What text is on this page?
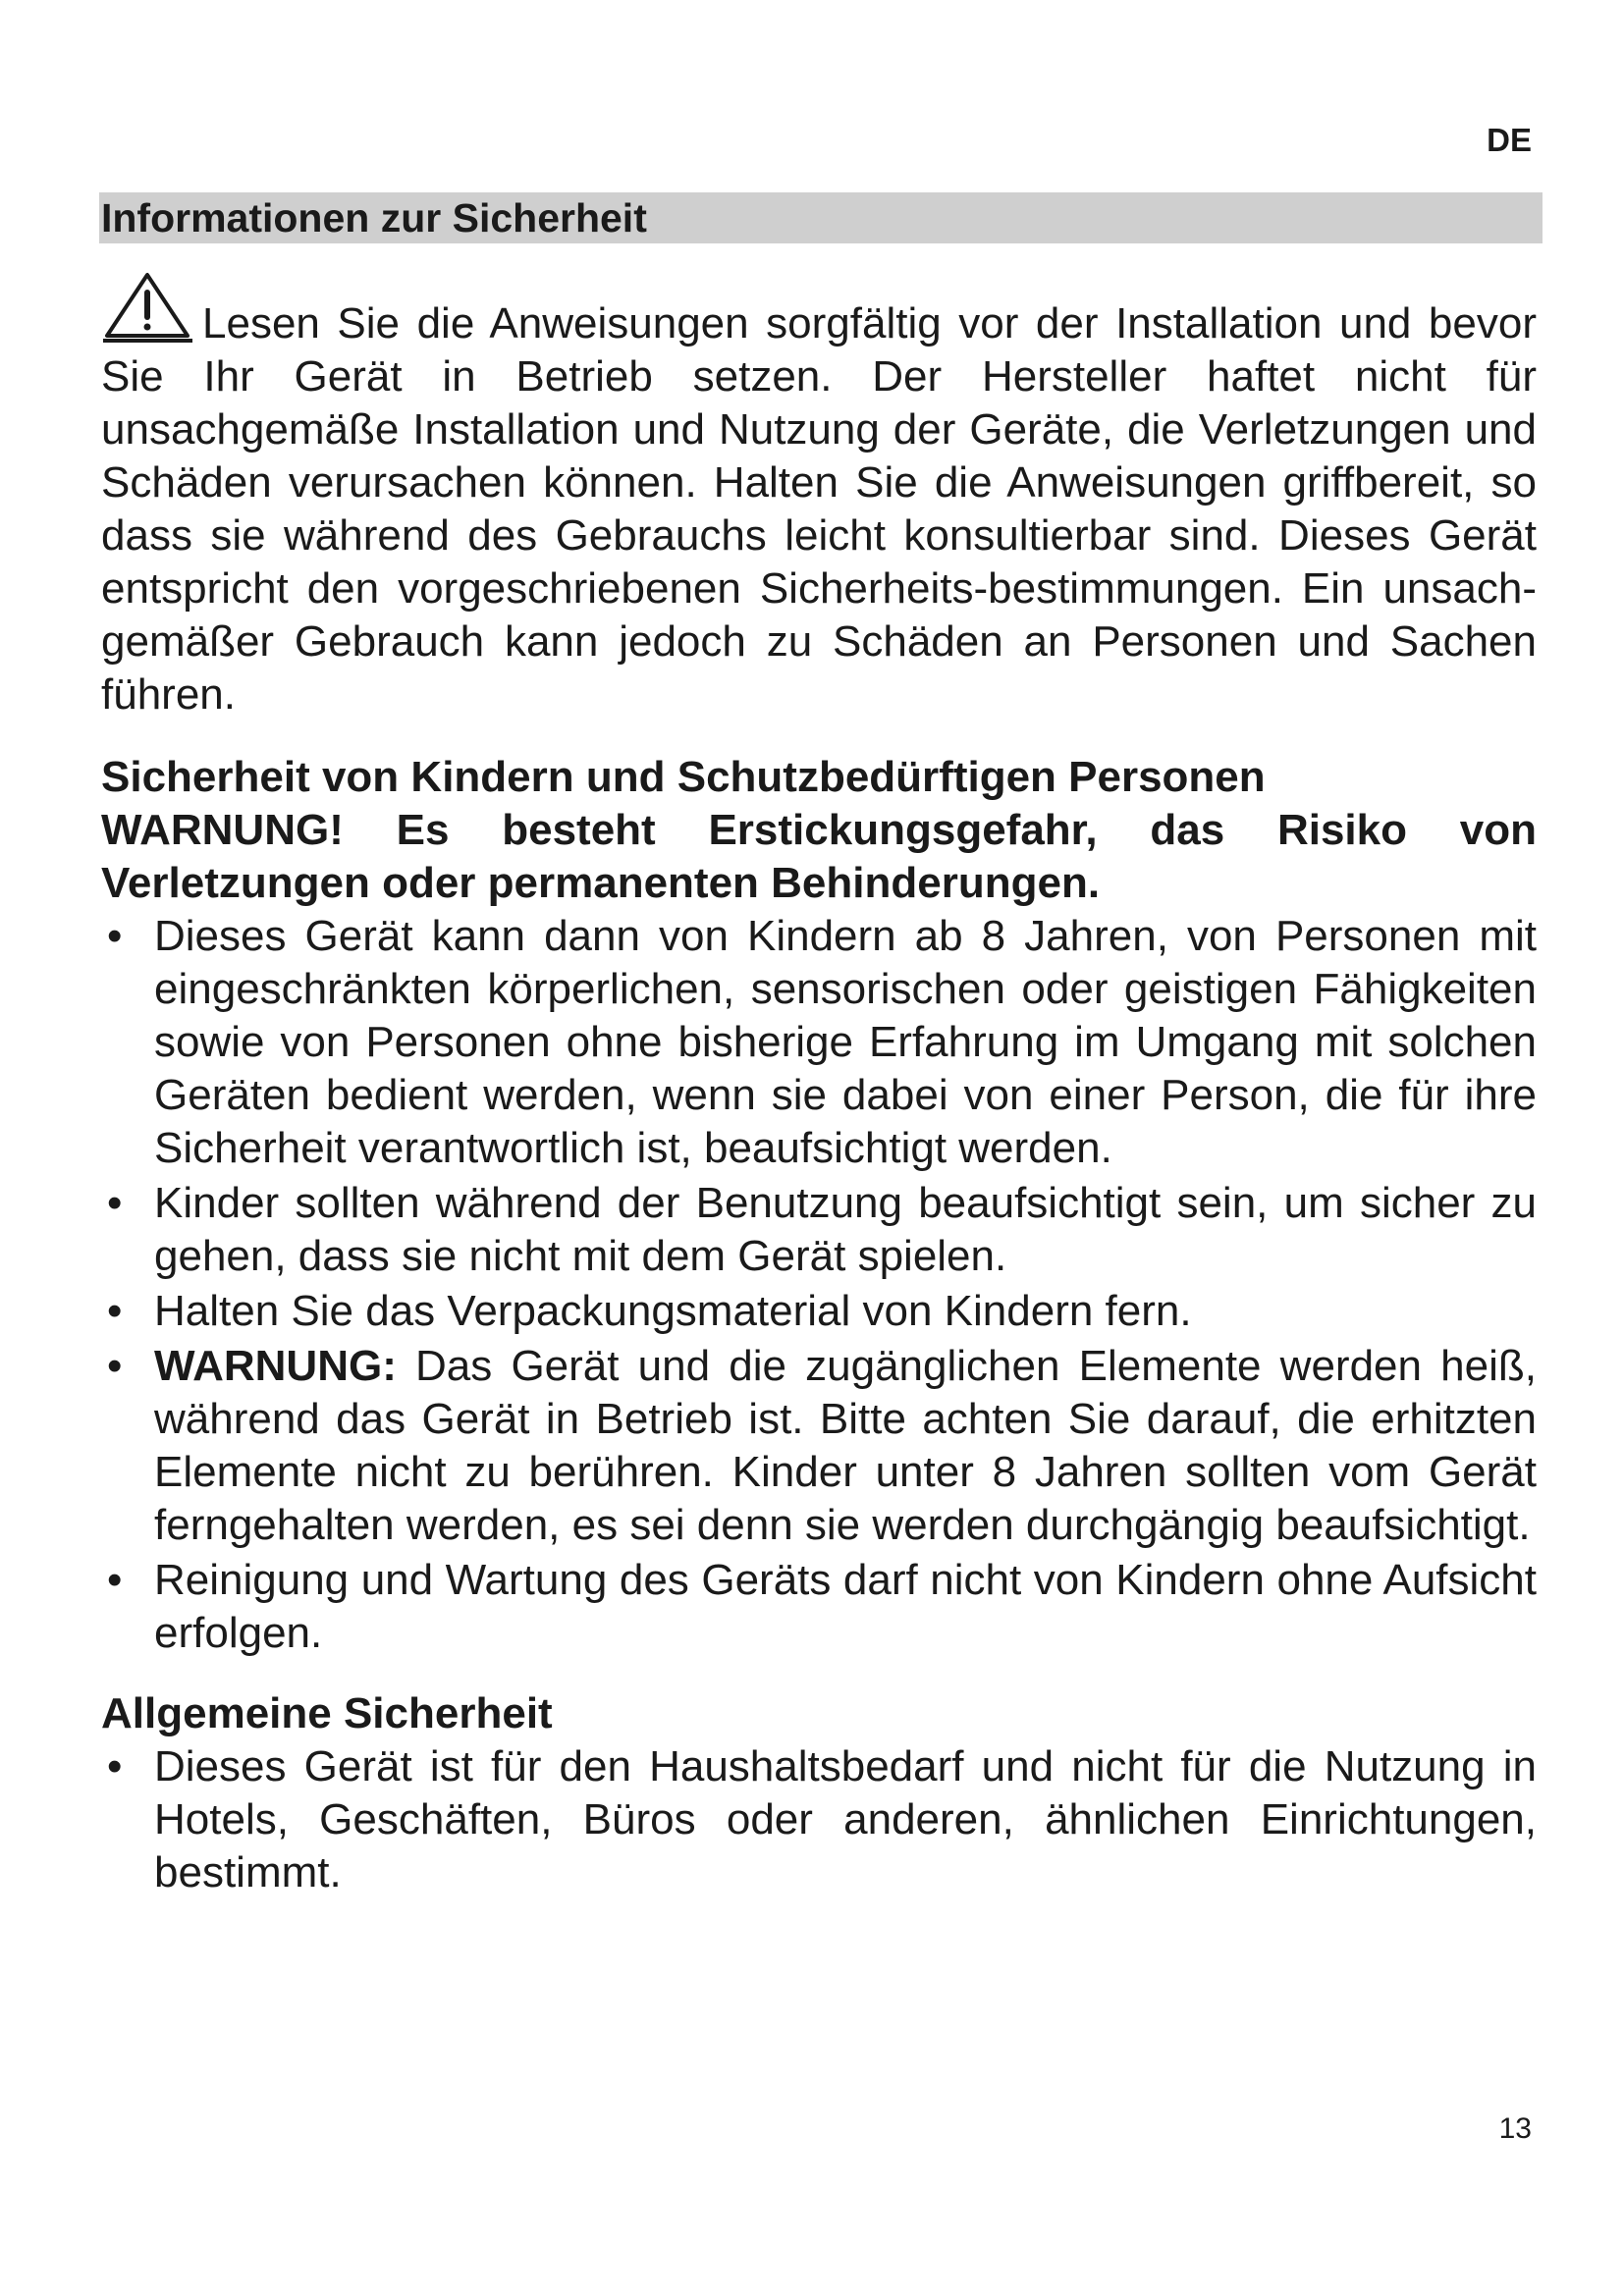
DE
Informationen zur Sicherheit

Lesen Sie die Anweisungen sorgfältig vor der Installation und bevor Sie Ihr Gerät in Betrieb setzen. Der Hersteller haftet nicht für unsachgemäße Installation und Nutzung der Geräte, die Verletzungen und Schäden verursachen können. Halten Sie die Anweisungen griffbereit, so dass sie während des Gebrauchs leicht konsultierbar sind. Dieses Gerät entspricht den vorgeschriebenen Sicherheits-bestimmungen. Ein unsach-gemäßer Gebrauch kann jedoch zu Schäden an Personen und Sachen führen.

Sicherheit von Kindern und Schutzbedürftigen Personen

WARNUNG! Es besteht Erstickungsgefahr, das Risiko von Verletzungen oder permanenten Behinderungen.

• Dieses Gerät kann dann von Kindern ab 8 Jahren, von Personen mit eingeschränkten körperlichen, sensorischen oder geistigen Fähigkeiten sowie von Personen ohne bisherige Erfahrung im Umgang mit solchen Geräten bedient werden, wenn sie dabei von einer Person, die für ihre Sicherheit verantwortlich ist, beaufsichtigt werden.
• Kinder sollten während der Benutzung beaufsichtigt sein, um sicher zu gehen, dass sie nicht mit dem Gerät spielen.
• Halten Sie das Verpackungsmaterial von Kindern fern.
• WARNUNG: Das Gerät und die zugänglichen Elemente werden heiß, während das Gerät in Betrieb ist. Bitte achten Sie darauf, die erhitzten Elemente nicht zu berühren. Kinder unter 8 Jahren sollten vom Gerät ferngehalten werden, es sei denn sie werden durchgängig beaufsichtigt.
• Reinigung und Wartung des Geräts darf nicht von Kindern ohne Aufsicht erfolgen.
Allgemeine Sicherheit
• Dieses Gerät ist für den Haushaltsbedarf und nicht für die Nutzung in Hotels, Geschäften, Büros oder anderen, ähnlichen Einrichtungen, bestimmt.
13
